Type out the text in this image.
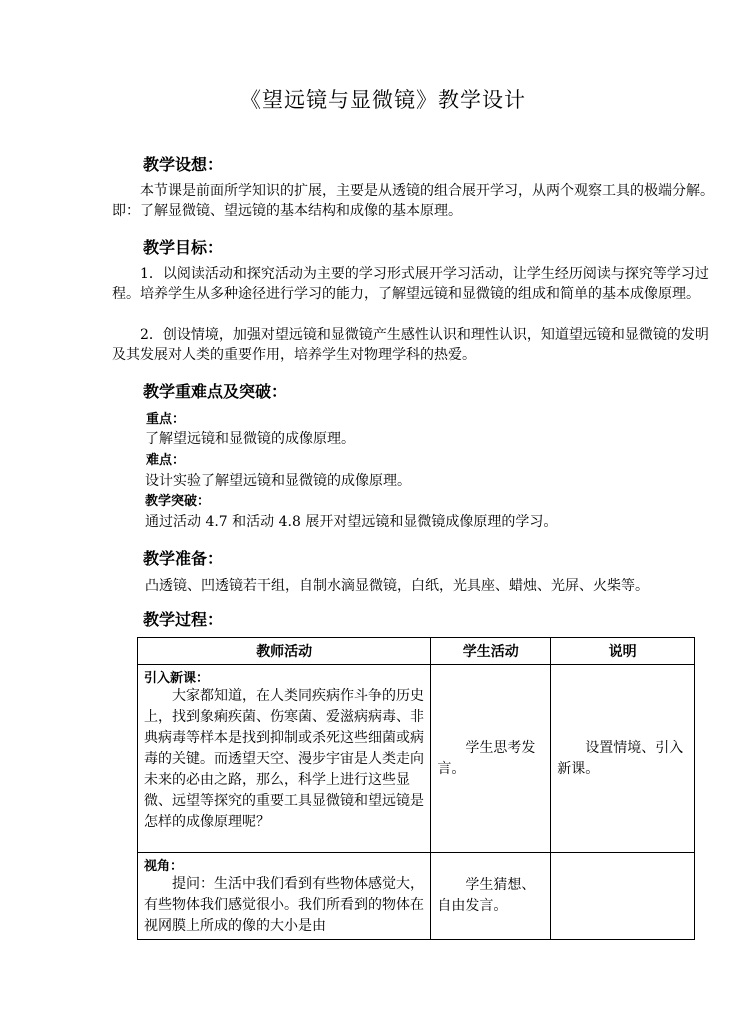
《望远镜与显微镜》教学设计
教学设想：

本节课是前面所学知识的扩展，主要是从透镜的组合展开学习，从两个观察工具的极端分解。即：了解显微镜、望远镜的基本结构和成像的基本原理。

教学目标：

1．以阅读活动和探究活动为主要的学习形式展开学习活动，让学生经历阅读与探究等学习过程。培养学生从多种途径进行学习的能力，了解望远镜和显微镜的组成和简单的基本成像原理。

2．创设情境，加强对望远镜和显微镜产生感性认识和理性认识，知道望远镜和显微镜的发明及其发展对人类的重要作用，培养学生对物理学科的热爱。

教学重难点及突破：
重点：
了解望远镜和显微镜的成像原理。
难点：
设计实验了解望远镜和显微镜的成像原理。
教学突破：
通过活动 4.7 和活动 4.8 展开对望远镜和显微镜成像原理的学习。
教学准备：
凸透镜、凹透镜若干组，自制水滴显微镜，白纸，光具座、蜡烛、光屏、火柴等。
教学过程：
教师活动	学生活动	说明

引入新课：

大家都知道，在人类同疾病作斗争的历史上，找到象痢疾菌、伤寒菌、爱滋病病毒、非典病毒等样本是找到抑制或杀死这些细菌或病毒的关键。而透望天空、漫步宇宙是人类走向未来的必由之路，那么，科学上进行这些显微、远望等探究的重要工具显微镜和望远镜是怎样的成像原理呢？	学生思考发言。	设置情境、引入新课。

视角：

提问：生活中我们看到有些物体感觉大，有些物体我们感觉很小。我们所看到的物体在视网膜上所成的像的大小是由	学生猜想、自由发言。	
